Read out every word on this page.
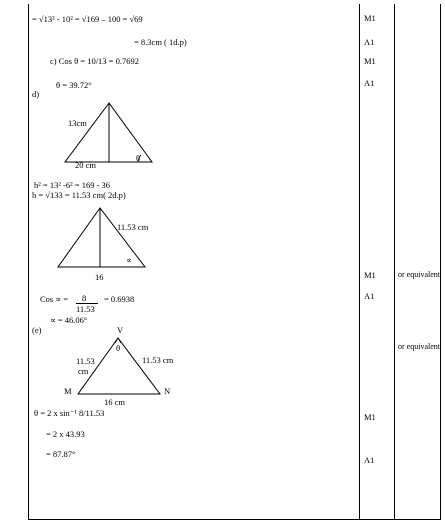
= √13² - 10² = √169 – 100 = √69
= 8.3cm ( 1d.p)
c) Cos θ = 10/13 = 0.7692
θ = 39.72°
d)
h² = 13² -6² = 169 - 36
h = √133 = 11.53 cm( 2d.p)
Cos ∝ = 8
11.53
= 0.6938
∝ = 46.06°
(e)
θ = 2 x sin⁻¹ 8/11.53
= 2 x 43.93
= 87.87°
13cm
20 cm
θ
11.53 cm
16
∝
V
θ
11.53
cm
11.53 cm
M	N
16 cm
M1
A1
M1
A1
M1
A1
M1
A1
or equivalent
or equivalent
